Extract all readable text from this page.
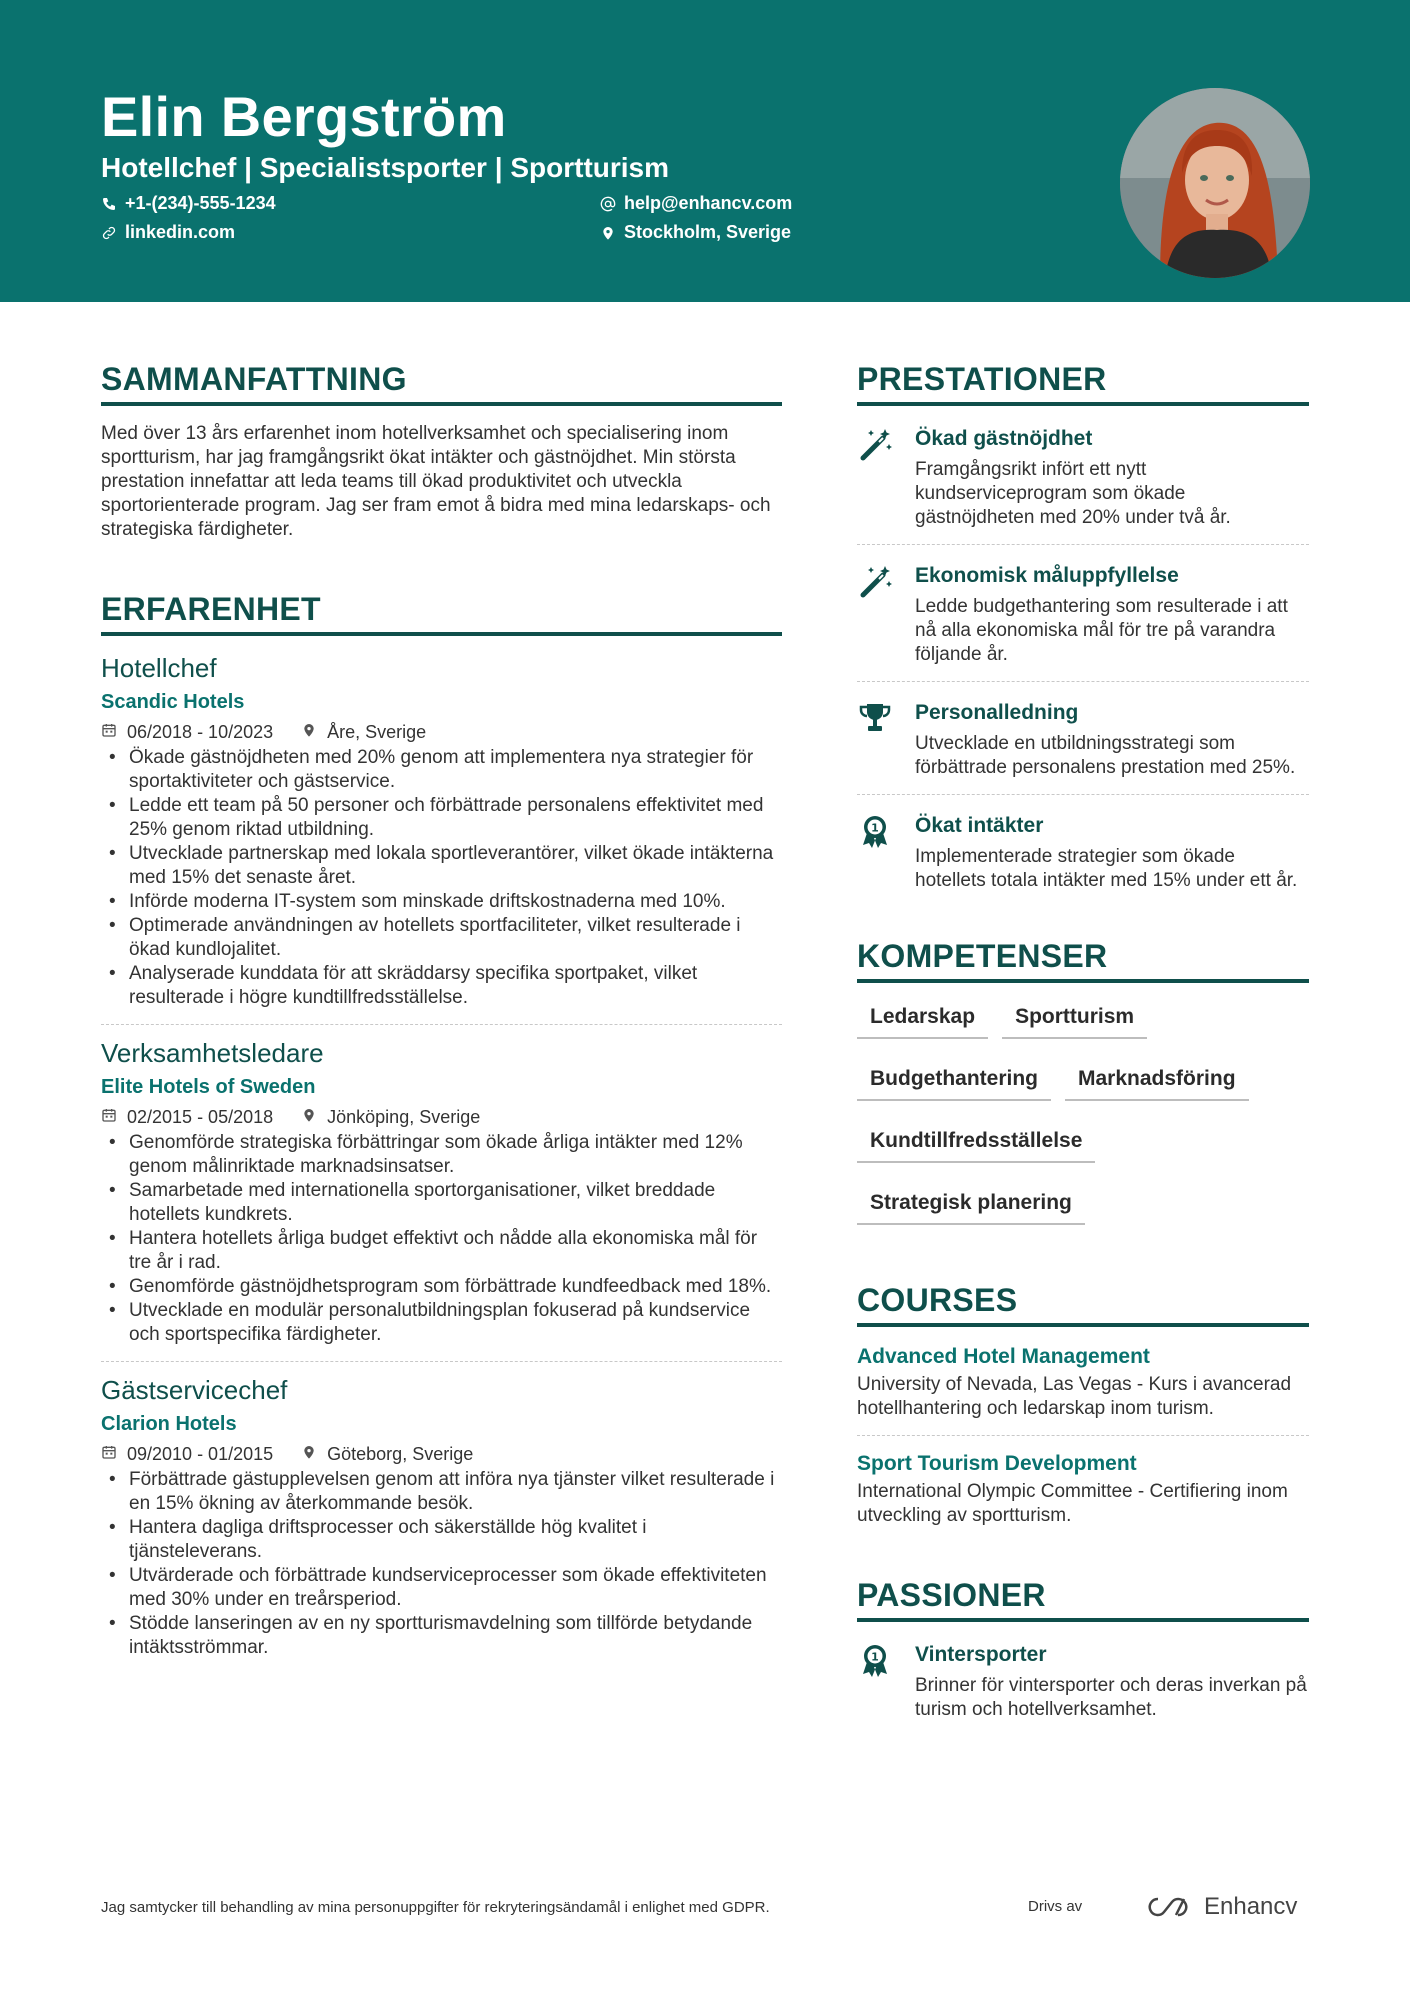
Elin Bergström
Hotellchef | Specialistsporter | Sportturism
+1-(234)-555-1234
linkedin.com
help@enhancv.com
Stockholm, Sverige
SAMMANFATTNING
Med över 13 års erfarenhet inom hotellverksamhet och specialisering inom sportturism, har jag framgångsrikt ökat intäkter och gästnöjdhet. Min största prestation innefattar att leda teams till ökad produktivitet och utveckla sportorienterade program. Jag ser fram emot å bidra med mina ledarskaps- och strategiska färdigheter.
ERFARENHET
Hotellchef
Scandic Hotels
06/2018 - 10/2023	Åre, Sverige
• Ökade gästnöjdheten med 20% genom att implementera nya strategier för sportaktiviteter och gästservice.
• Ledde ett team på 50 personer och förbättrade personalens effektivitet med 25% genom riktad utbildning.
• Utvecklade partnerskap med lokala sportleverantörer, vilket ökade intäkterna med 15% det senaste året.
• Införde moderna IT-system som minskade driftskostnaderna med 10%.
• Optimerade användningen av hotellets sportfaciliteter, vilket resulterade i ökad kundlojalitet.
• Analyserade kunddata för att skräddarsy specifika sportpaket, vilket resulterade i högre kundtillfredsställelse.
Verksamhetsledare
Elite Hotels of Sweden
02/2015 - 05/2018	Jönköping, Sverige
• Genomförde strategiska förbättringar som ökade årliga intäkter med 12% genom målinriktade marknadsinsatser.
• Samarbetade med internationella sportorganisationer, vilket breddade hotellets kundkrets.
• Hantera hotellets årliga budget effektivt och nådde alla ekonomiska mål för tre år i rad.
• Genomförde gästnöjdhetsprogram som förbättrade kundfeedback med 18%.
• Utvecklade en modulär personalutbildningsplan fokuserad på kundservice och sportspecifika färdigheter.
Gästservicechef
Clarion Hotels
09/2010 - 01/2015	Göteborg, Sverige
• Förbättrade gästupplevelsen genom att införa nya tjänster vilket resulterade i en 15% ökning av återkommande besök.
• Hantera dagliga driftsprocesser och säkerställde hög kvalitet i tjänsteleverans.
• Utvärderade och förbättrade kundserviceprocesser som ökade effektiviteten med 30% under en treårsperiod.
• Stödde lanseringen av en ny sportturismavdelning som tillförde betydande intäktsströmmar.
PRESTATIONER
Ökad gästnöjdhet
Framgångsrikt infört ett nytt kundserviceprogram som ökade gästnöjdheten med 20% under två år.
Ekonomisk måluppfyllelse
Ledde budgethantering som resulterade i att nå alla ekonomiska mål för tre på varandra följande år.
Personalledning
Utvecklade en utbildningsstrategi som förbättrade personalens prestation med 25%.
1 Ökat intäkter
Implementerade strategier som ökade hotellets totala intäkter med 15% under ett år.
KOMPETENSER
Ledarskap	Sportturism
Budgethantering	Marknadsföring
Kundtillfredsställelse
Strategisk planering
COURSES
Advanced Hotel Management
University of Nevada, Las Vegas - Kurs i avancerad hotellhantering och ledarskap inom turism.
Sport Tourism Development
International Olympic Committee - Certifiering inom utveckling av sportturism.
PASSIONER
1 Vintersporter
Brinner för vintersporter och deras inverkan på turism och hotellverksamhet.
Jag samtycker till behandling av mina personuppgifter för rekryteringsändamål i enlighet med GDPR.	Drivs av	Enhancv
